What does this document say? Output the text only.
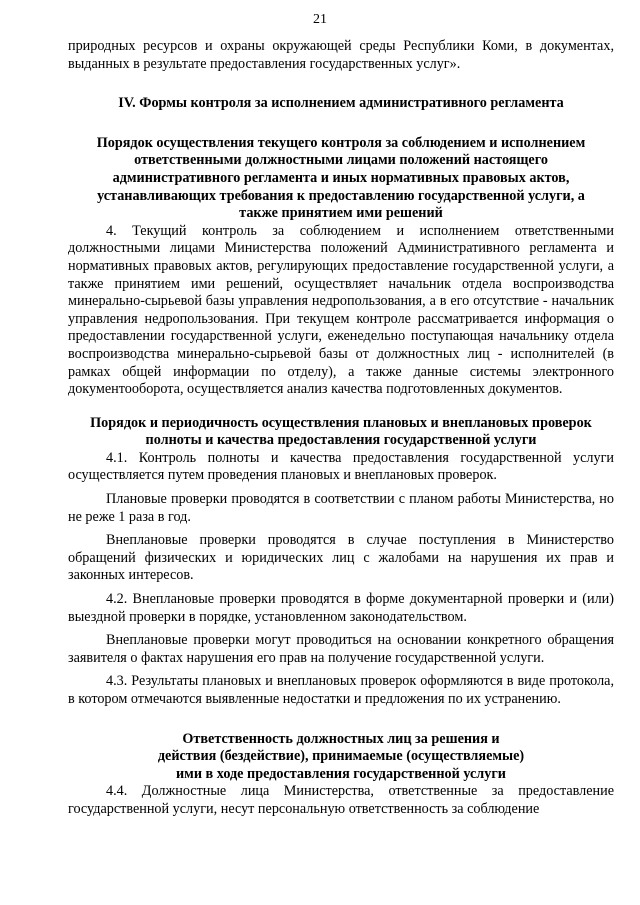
21

природных ресурсов и охраны окружающей среды Республики Коми, в документах, выданных в результате предоставления государственных услуг».

IV. Формы контроля за исполнением административного регламента
Порядок осуществления текущего контроля за соблюдением и исполнением
ответственными должностными лицами положений настоящего
административного регламента и иных нормативных правовых актов,
устанавливающих требования к предоставлению государственной услуги, а
также принятием ими решений

4. Текущий контроль за соблюдением и исполнением ответственными должностными лицами Министерства положений Административного регламента и нормативных правовых актов, регулирующих предоставление государственной услуги, а также принятием ими решений, осуществляет начальник отдела воспроизводства минерально-сырьевой базы управления недропользования, а в его отсутствие - начальник управления недропользования. При текущем контроле рассматривается информация о предоставлении государственной услуги, еженедельно поступающая начальнику отдела воспроизводства минерально-сырьевой базы от должностных лиц - исполнителей (в рамках общей информации по отделу), а также данные системы электронного документооборота, осуществляется анализ качества подготовленных документов.

Порядок и периодичность осуществления плановых и внеплановых проверок
полноты и качества предоставления государственной услуги

4.1. Контроль полноты и качества предоставления государственной услуги осуществляется путем проведения плановых и внеплановых проверок.

Плановые проверки проводятся в соответствии с планом работы Министерства, но не реже 1 раза в год.

Внеплановые проверки проводятся в случае поступления в Министерство обращений физических и юридических лиц с жалобами на нарушения их прав и законных интересов.

4.2. Внеплановые проверки проводятся в форме документарной проверки и (или) выездной проверки в порядке, установленном законодательством.

Внеплановые проверки могут проводиться на основании конкретного обращения заявителя о фактах нарушения его прав на получение государственной услуги.

4.3. Результаты плановых и внеплановых проверок оформляются в виде протокола, в котором отмечаются выявленные недостатки и предложения по их устранению.

Ответственность должностных лиц за решения и
действия (бездействие), принимаемые (осуществляемые)
ими в ходе предоставления государственной услуги

4.4. Должностные лица Министерства, ответственные за предоставление государственной услуги, несут персональную ответственность за соблюдение
